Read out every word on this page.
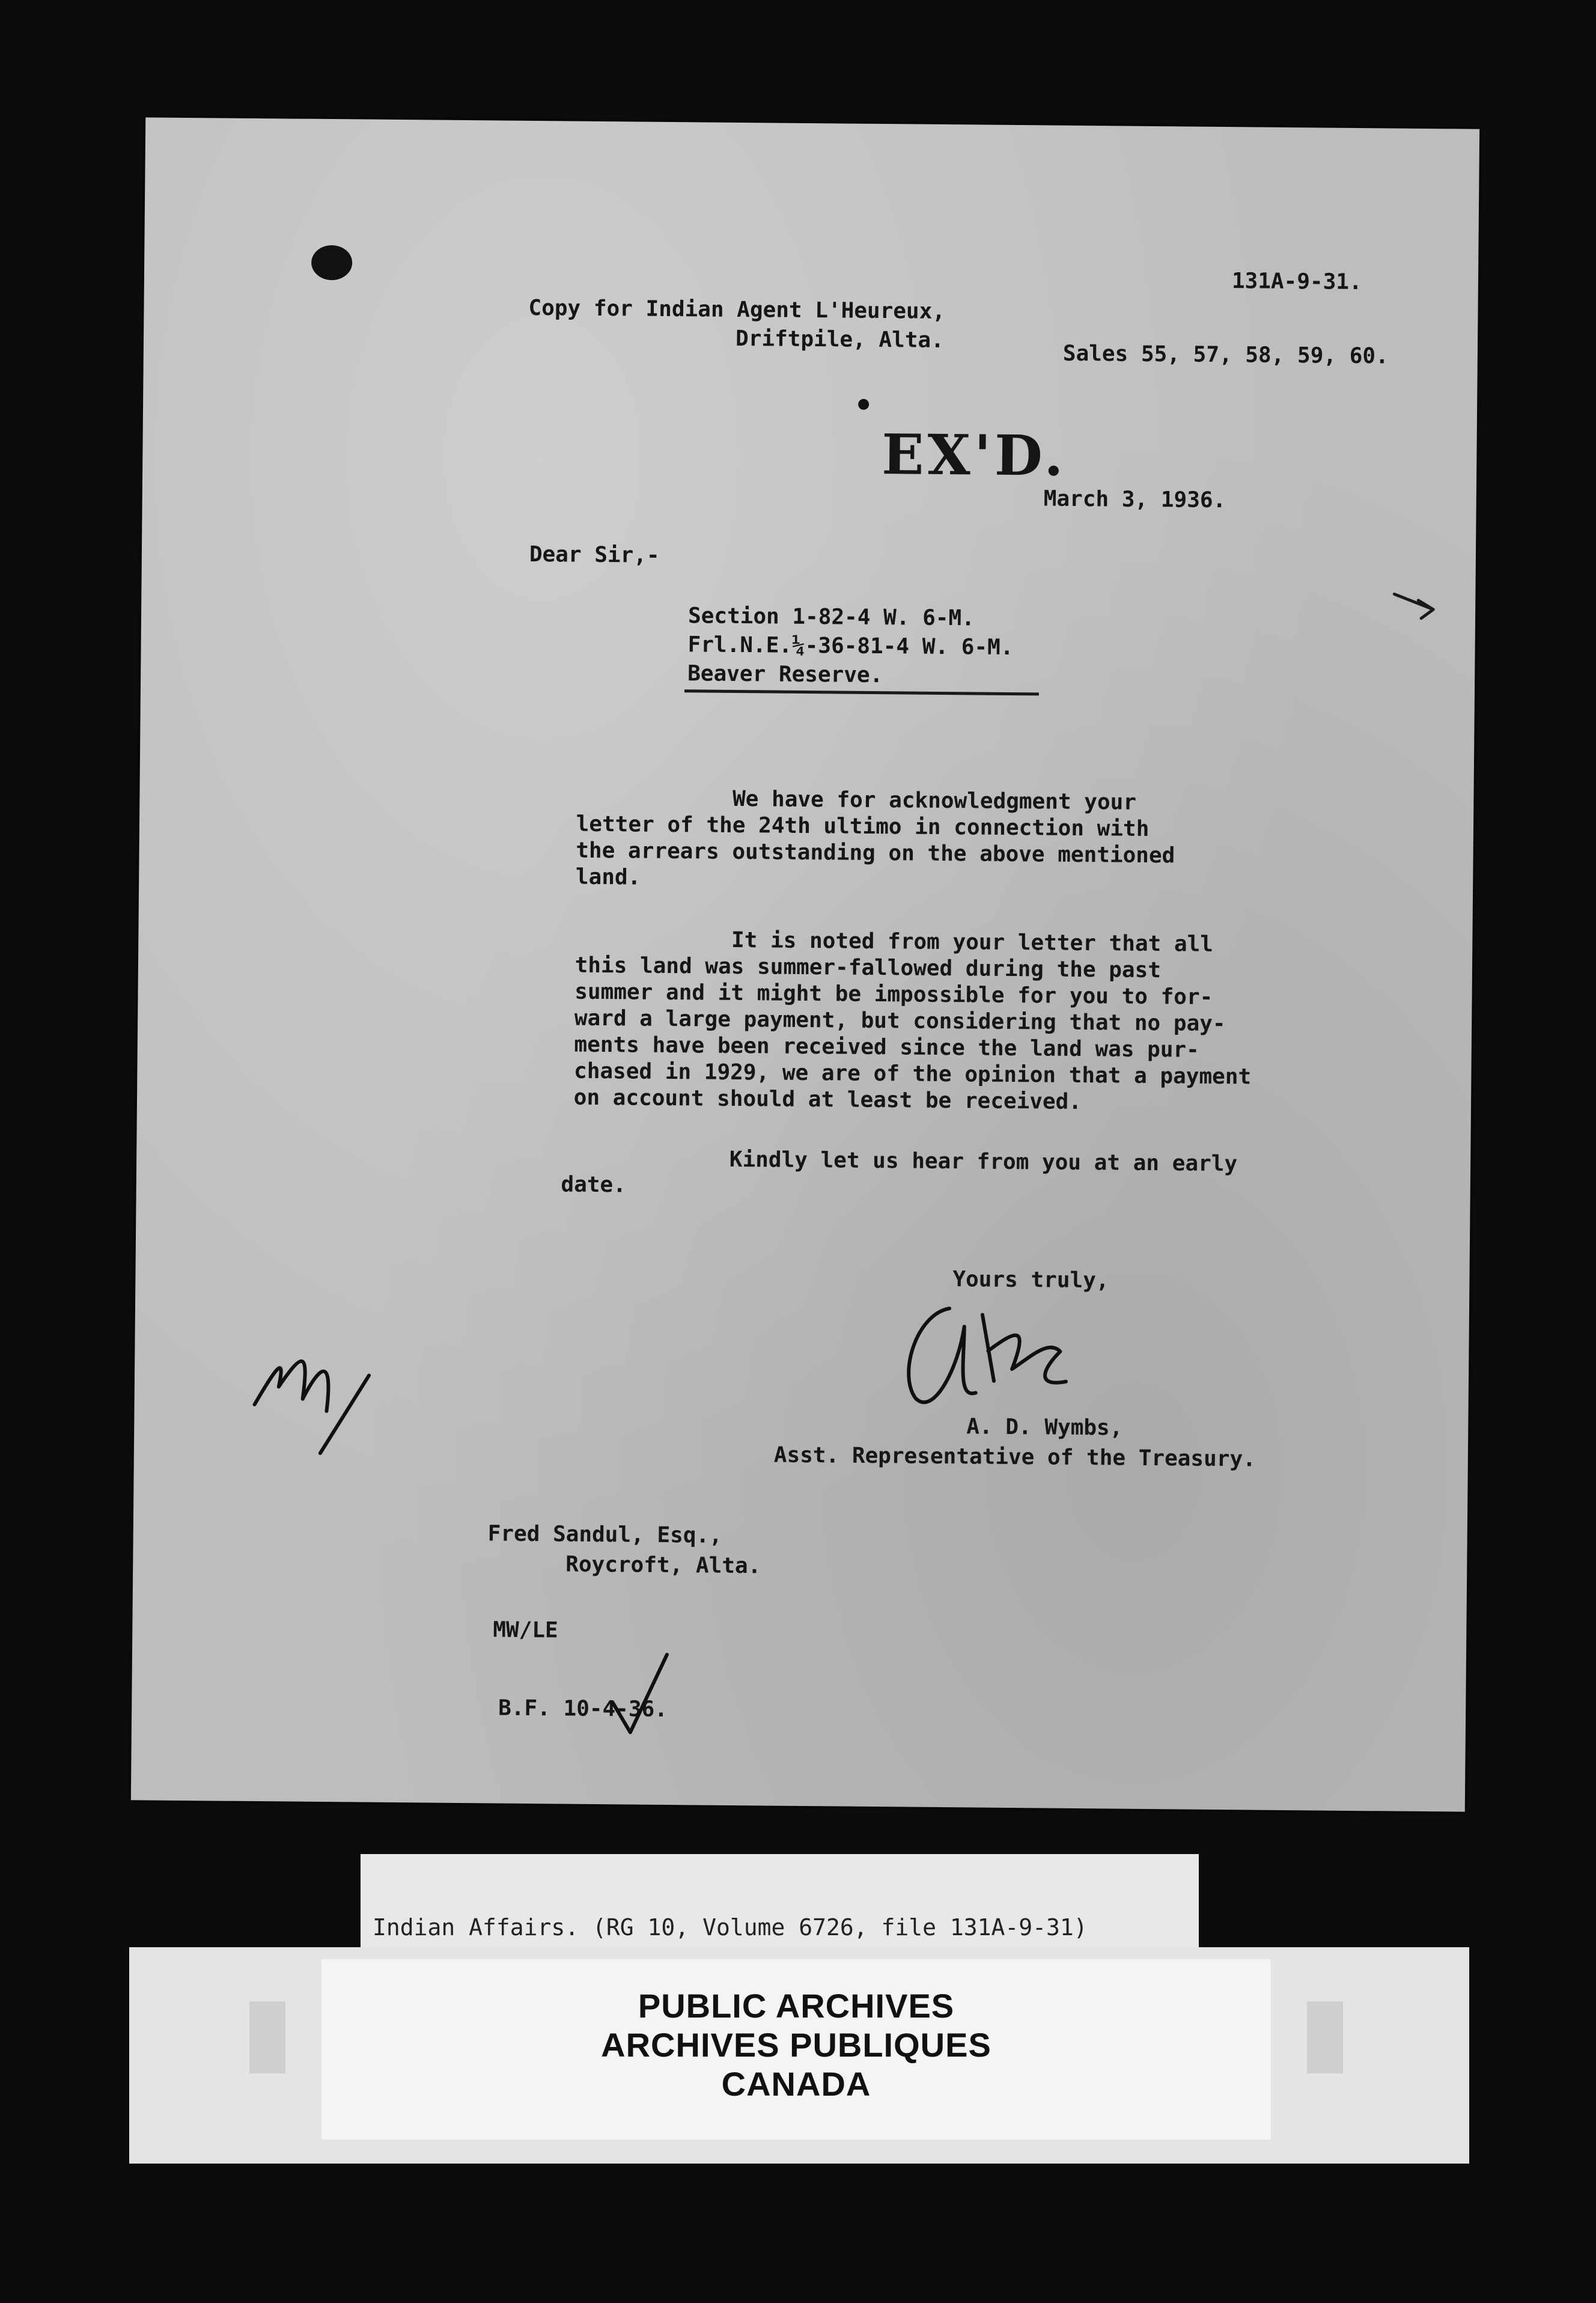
131A-9-31.
Copy for Indian Agent L'Heureux,
Driftpile, Alta.
Sales 55, 57, 58, 59, 60.
EX'D.
March 3, 1936.
Dear Sir,-
Section 1-82-4 W. 6-M.
Frl.N.E.¼-36-81-4 W. 6-M.
Beaver Reserve.

We have for acknowledgment your
letter of the 24th ultimo in connection with
the arrears outstanding on the above mentioned
land.

It is noted from your letter that all
this land was summer-fallowed during the past
summer and it might be impossible for you to for-
ward a large payment, but considering that no pay-
ments have been received since the land was pur-
chased in 1929, we are of the opinion that a payment
on account should at least be received.

Kindly let us hear from you at an early
date.

Yours truly,
A. D. Wymbs,
Asst. Representative of the Treasury.
Fred Sandul, Esq.,
Roycroft, Alta.
MW/LE
B.F. 10-4-36.
Indian Affairs. (RG 10, Volume 6726, file 131A-9-31)
PUBLIC ARCHIVES
ARCHIVES PUBLIQUES
CANADA
